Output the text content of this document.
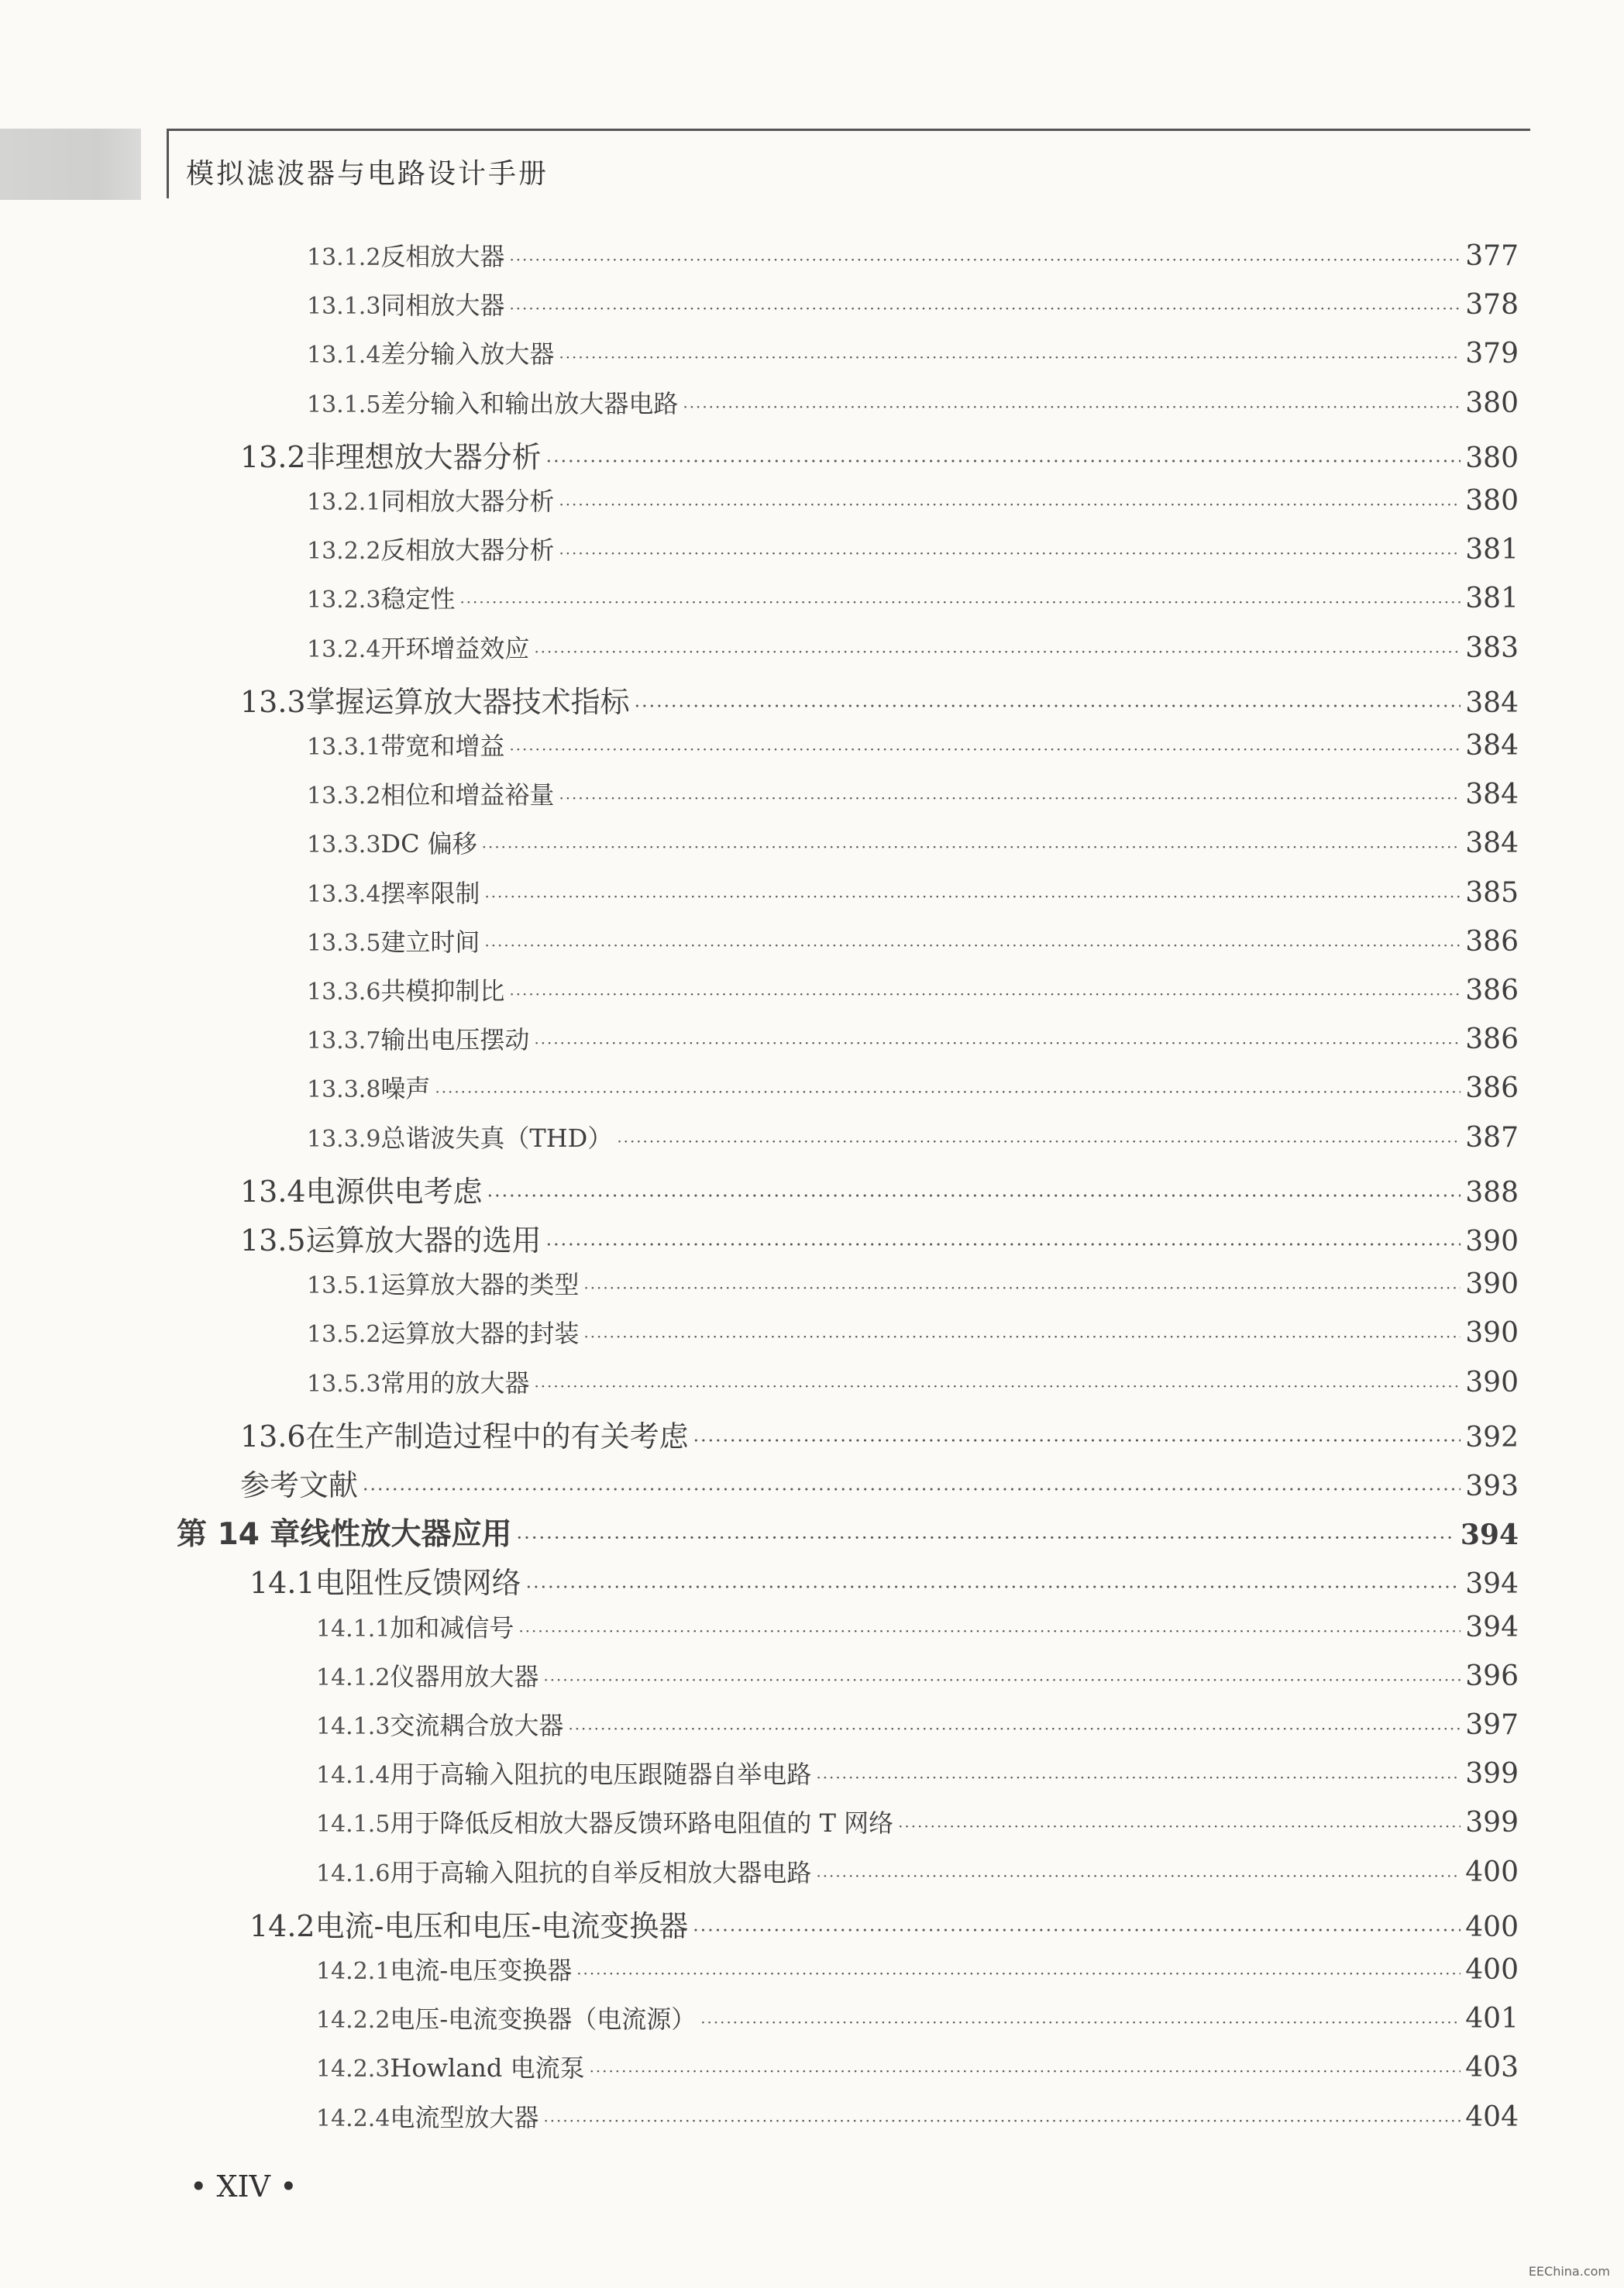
模拟滤波器与电路设计手册
13.1.2 反相放大器 ·····	377
13.1.3 同相放大器 ·····	378
13.1.4 差分输入放大器 ·····	379
13.1.5 差分输入和输出放大器电路 ·····	380
13.2 非理想放大器分析 ·····	380
13.2.1 同相放大器分析 ·····	380
13.2.2 反相放大器分析 ·····	381
13.2.3 稳定性 ·····	381
13.2.4 开环增益效应 ·····	383
13.3 掌握运算放大器技术指标 ·····	384
13.3.1 带宽和增益 ·····	384
13.3.2 相位和增益裕量 ·····	384
13.3.3 DC 偏移 ·····	384
13.3.4 摆率限制 ·····	385
13.3.5 建立时间 ·····	386
13.3.6 共模抑制比 ·····	386
13.3.7 输出电压摆动 ·····	386
13.3.8 噪声 ·····	386
13.3.9 总谐波失真（THD） ·····	387
13.4 电源供电考虑 ·····	388
13.5 运算放大器的选用 ·····	390
13.5.1 运算放大器的类型 ·····	390
13.5.2 运算放大器的封装 ·····	390
13.5.3 常用的放大器 ·····	390
13.6 在生产制造过程中的有关考虑 ·····	392
参考文献 ·····	393
第 14 章 线性放大器应用 ·····	394
14.1 电阻性反馈网络 ·····	394
14.1.1 加和减信号 ·····	394
14.1.2 仪器用放大器 ·····	396
14.1.3 交流耦合放大器 ·····	397
14.1.4 用于高输入阻抗的电压跟随器自举电路 ·····	399
14.1.5 用于降低反相放大器反馈环路电阻值的 T 网络 ·····	399
14.1.6 用于高输入阻抗的自举反相放大器电路 ·····	400
14.2 电流-电压和电压-电流变换器 ·····	400
14.2.1 电流-电压变换器 ·····	400
14.2.2 电压-电流变换器（电流源） ·····	401
14.2.3 Howland 电流泵 ·····	403
14.2.4 电流型放大器 ·····	404
• XIV •
EEChina.com
